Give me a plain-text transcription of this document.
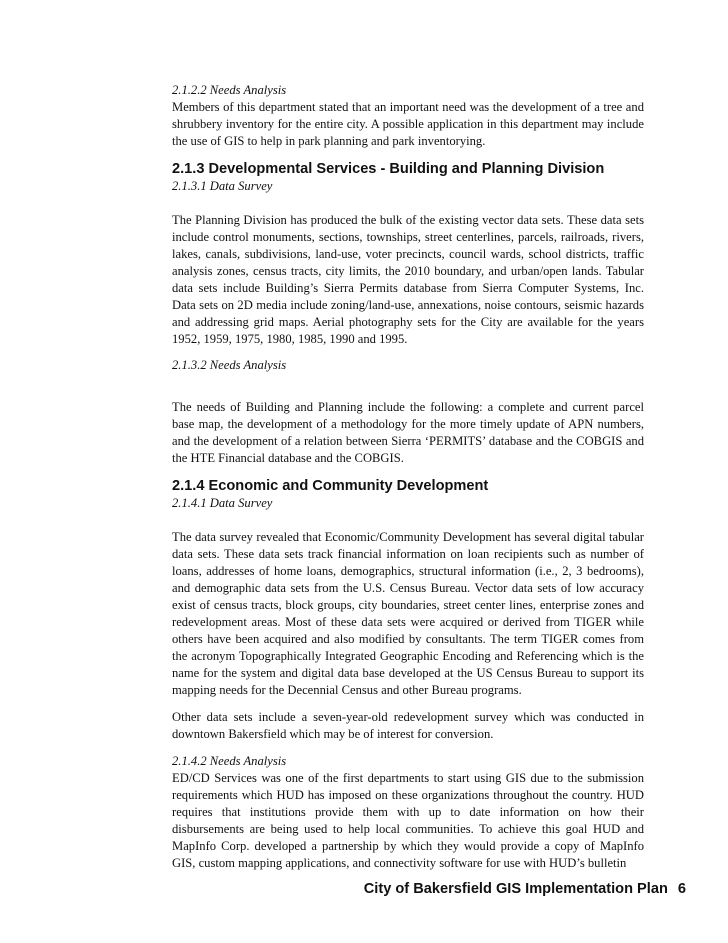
2.1.2.2 Needs Analysis

Members of this department stated that an important need was the development of a tree and shrubbery inventory for the entire city. A possible application in this department may include the use of GIS to help in park planning and park inventorying.

2.1.3 Developmental Services - Building and Planning Division

2.1.3.1 Data Survey

The Planning Division has produced the bulk of the existing vector data sets. These data sets include control monuments, sections, townships, street centerlines, parcels, railroads, rivers, lakes, canals, subdivisions, land-use, voter precincts, council wards, school districts, traffic analysis zones, census tracts, city limits, the 2010 boundary, and urban/open lands. Tabular data sets include Building’s Sierra Permits database from Sierra Computer Systems, Inc. Data sets on 2D media include zoning/land-use, annexations, noise contours, seismic hazards and addressing grid maps. Aerial photography sets for the City are available for the years 1952, 1959, 1975, 1980, 1985, 1990 and 1995.

2.1.3.2 Needs Analysis

The needs of Building and Planning include the following: a complete and current parcel base map, the development of a methodology for the more timely update of APN numbers, and the development of a relation between Sierra ‘PERMITS’ database and the COBGIS and the HTE Financial database and the COBGIS.

2.1.4 Economic and Community Development

2.1.4.1 Data Survey

The data survey revealed that Economic/Community Development has several digital tabular data sets. These data sets track financial information on loan recipients such as number of loans, addresses of home loans, demographics, structural information (i.e., 2, 3 bedrooms), and demographic data sets from the U.S. Census Bureau. Vector data sets of low accuracy exist of census tracts, block groups, city boundaries, street center lines, enterprise zones and redevelopment areas. Most of these data sets were acquired or derived from TIGER while others have been acquired and also modified by consultants. The term TIGER comes from the acronym Topographically Integrated Geographic Encoding and Referencing which is the name for the system and digital data base developed at the US Census Bureau to support its mapping needs for the Decennial Census and other Bureau programs.

Other data sets include a seven-year-old redevelopment survey which was conducted in downtown Bakersfield which may be of interest for conversion.

2.1.4.2 Needs Analysis

ED/CD Services was one of the first departments to start using GIS due to the submission requirements which HUD has imposed on these organizations throughout the country. HUD requires that institutions provide them with up to date information on how their disbursements are being used to help local communities. To achieve this goal HUD and MapInfo Corp. developed a partnership by which they would provide a copy of MapInfo GIS, custom mapping applications, and connectivity software for use with HUD’s bulletin

City of Bakersfield GIS Implementation Plan 6
